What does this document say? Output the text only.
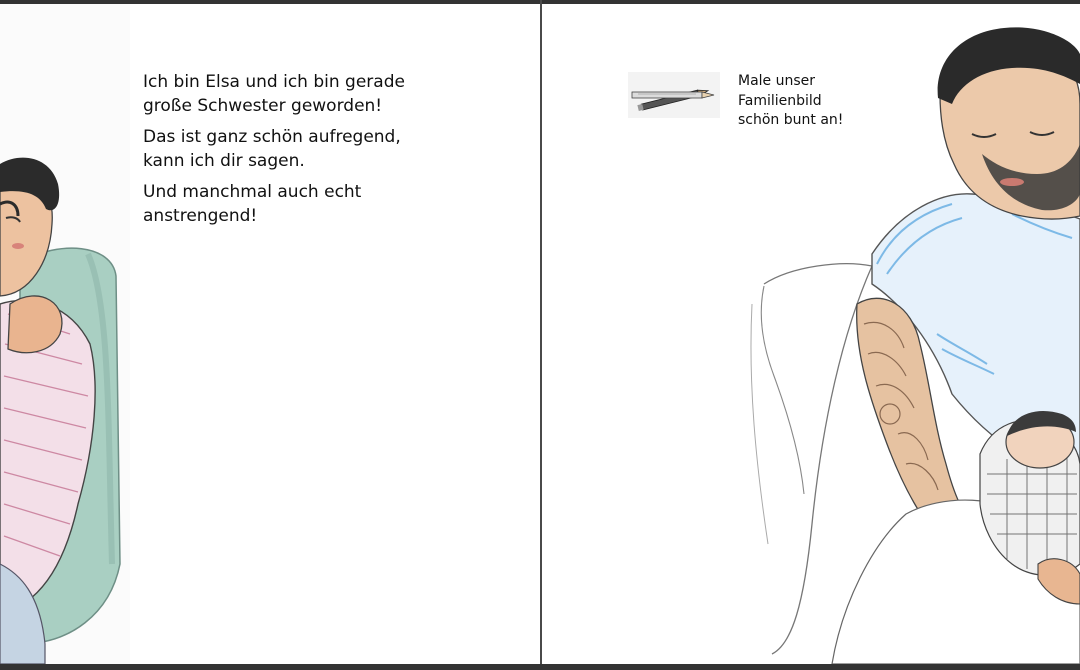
Ich bin Elsa und ich bin gerade
große Schwester geworden!

Das ist ganz schön aufregend,
kann ich dir sagen.

Und manchmal auch echt
anstrengend!

Male unser
Familienbild
schön bunt an!
